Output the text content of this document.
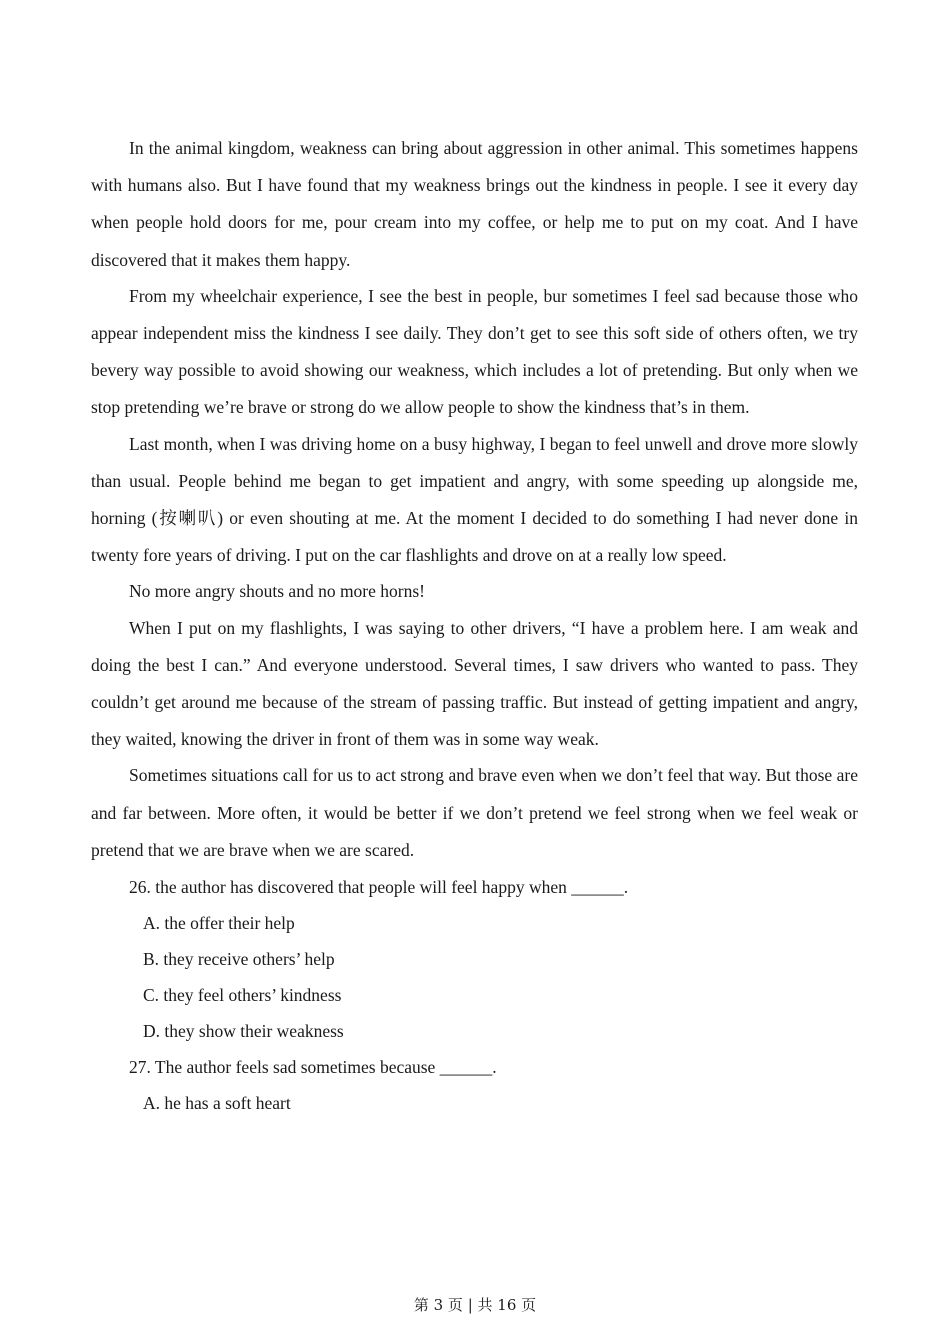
In the animal kingdom, weakness can bring about aggression in other animal. This sometimes happens with humans also. But I have found that my weakness brings out the kindness in people. I see it every day when people hold doors for me, pour cream into my coffee, or help me to put on my coat. And I have discovered that it makes them happy.

From my wheelchair experience, I see the best in people, bur sometimes I feel sad because those who appear independent miss the kindness I see daily. They don’t get to see this soft side of others often, we try bevery way possible to avoid showing our weakness, which includes a lot of pretending. But only when we stop pretending we’re brave or strong do we allow people to show the kindness that’s in them.

Last month, when I was driving home on a busy highway, I began to feel unwell and drove more slowly than usual. People behind me began to get impatient and angry, with some speeding up alongside me, horning (按喇叭) or even shouting at me. At the moment I decided to do something I had never done in twenty fore years of driving. I put on the car flashlights and drove on at a really low speed.

No more angry shouts and no more horns!

When I put on my flashlights, I was saying to other drivers, “I have a problem here. I am weak and doing the best I can.” And everyone understood. Several times, I saw drivers who wanted to pass. They couldn’t get around me because of the stream of passing traffic. But instead of getting impatient and angry, they waited, knowing the driver in front of them was in some way weak.

Sometimes situations call for us to act strong and brave even when we don’t feel that way. But those are and far between. More often, it would be better if we don’t pretend we feel strong when we feel weak or pretend that we are brave when we are scared.

26. the author has discovered that people will feel happy when ______.

A. the offer their help

B. they receive others’ help

C. they feel others’ kindness

D. they show their weakness

27. The author feels sad sometimes because ______.

A. he has a soft heart

第 3 页 | 共 16 页
